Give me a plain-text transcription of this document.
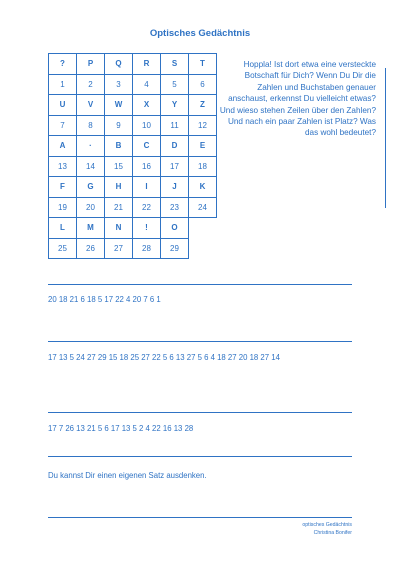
Optisches Gedächtnis
?	P	Q	R	S	T
1	2	3	4	5	6
U	V	W	X	Y	Z
7	8	9	10	11	12
A	·	B	C	D	E
13	14	15	16	17	18
F	G	H	I	J	K
19	20	21	22	23	24
L	M	N	!	O	
25	26	27	28	29	
Hoppla! Ist dort etwa eine versteckte Botschaft für Dich? Wenn Du Dir die Zahlen und Buchstaben genauer anschaust, erkennst Du vielleicht etwas? Und wieso stehen Zeilen über den Zahlen? Und nach ein paar Zahlen ist Platz? Was das wohl bedeutet?
20 18 21 6 18 5 17 22 4 20 7 6 1
17 13 5 24 27 29 15 18 25 27 22 5 6 13 27 5 6 4 18 27 20 18 27 14
17 7 26 13 21 5 6 17 13 5 2 4 22 16 13 28
Du kannst Dir einen eigenen Satz ausdenken.
optisches Gedächtnis
Christina Bonifer
